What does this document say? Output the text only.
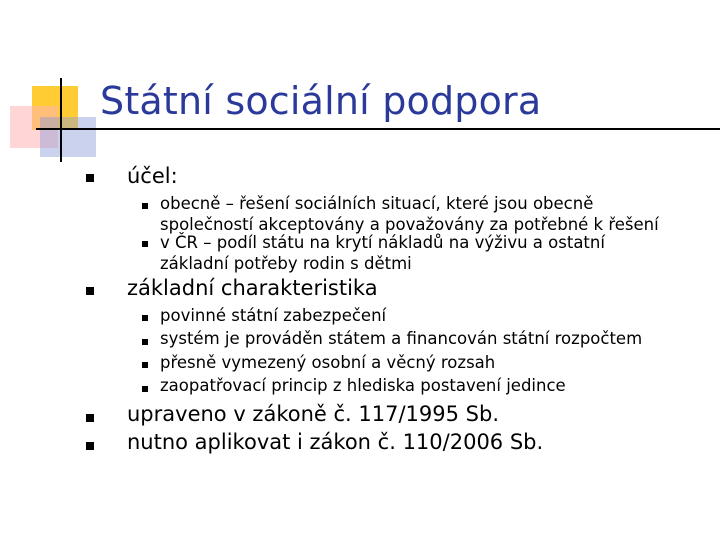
Státní sociální podpora
účel:
obecně – řešení sociálních situací, které jsou obecně
společností akceptovány a považovány za potřebné k řešení
v ČR – podíl státu na krytí nákladů na výživu a ostatní
základní potřeby rodin s dětmi
základní charakteristika
povinné státní zabezpečení
systém je prováděn státem a financován státní rozpočtem
přesně vymezený osobní a věcný rozsah
zaopatřovací princip z hlediska postavení jedince
upraveno v zákoně č. 117/1995 Sb.
nutno aplikovat i zákon č. 110/2006 Sb.
